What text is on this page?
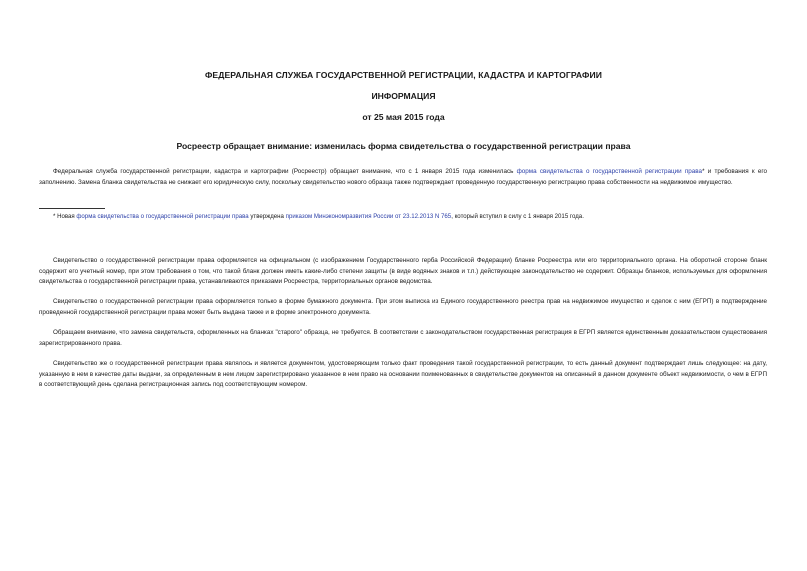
ФЕДЕРАЛЬНАЯ СЛУЖБА ГОСУДАРСТВЕННОЙ РЕГИСТРАЦИИ, КАДАСТРА И КАРТОГРАФИИ
ИНФОРМАЦИЯ
от 25 мая 2015 года
Росреестр обращает внимание: изменилась форма свидетельства о государственной регистрации права

Федеральная служба государственной регистрации, кадастра и картографии (Росреестр) обращает внимание, что с 1 января 2015 года изменилась форма свидетельства о государственной регистрации права* и требования к его заполнению. Замена бланка свидетельства не снижает его юридическую силу, поскольку свидетельство нового образца также подтверждает проведенную государственную регистрацию права собственности на недвижимое имущество.

* Новая форма свидетельства о государственной регистрации права утверждена приказом Минэкономразвития России от 23.12.2013 N 765, который вступил в силу с 1 января 2015 года.

Свидетельство о государственной регистрации права оформляется на официальном (с изображением Государственного герба Российской Федерации) бланке Росреестра или его территориального органа. На оборотной стороне бланк содержит его учетный номер, при этом требования о том, что такой бланк должен иметь какие-либо степени защиты (в виде водяных знаков и т.п.) действующее законодательство не содержит. Образцы бланков, используемых для оформления свидетельства о государственной регистрации права, устанавливаются приказами Росреестра, территориальных органов ведомства.

Свидетельство о государственной регистрации права оформляется только в форме бумажного документа. При этом выписка из Единого государственного реестра прав на недвижимое имущество и сделок с ним (ЕГРП) в подтверждение проведенной государственной регистрации права может быть выдана также и в форме электронного документа.

Обращаем внимание, что замена свидетельств, оформленных на бланках "старого" образца, не требуется. В соответствии с законодательством государственная регистрация в ЕГРП является единственным доказательством существования зарегистрированного права.

Свидетельство же о государственной регистрации права являлось и является документом, удостоверяющим только факт проведения такой государственной регистрации, то есть данный документ подтверждает лишь следующее: на дату, указанную в нем в качестве даты выдачи, за определенным в нем лицом зарегистрировано указанное в нем право на основании поименованных в свидетельстве документов на описанный в данном документе объект недвижимости, о чем в ЕГРП в соответствующий день сделана регистрационная запись под соответствующим номером.
